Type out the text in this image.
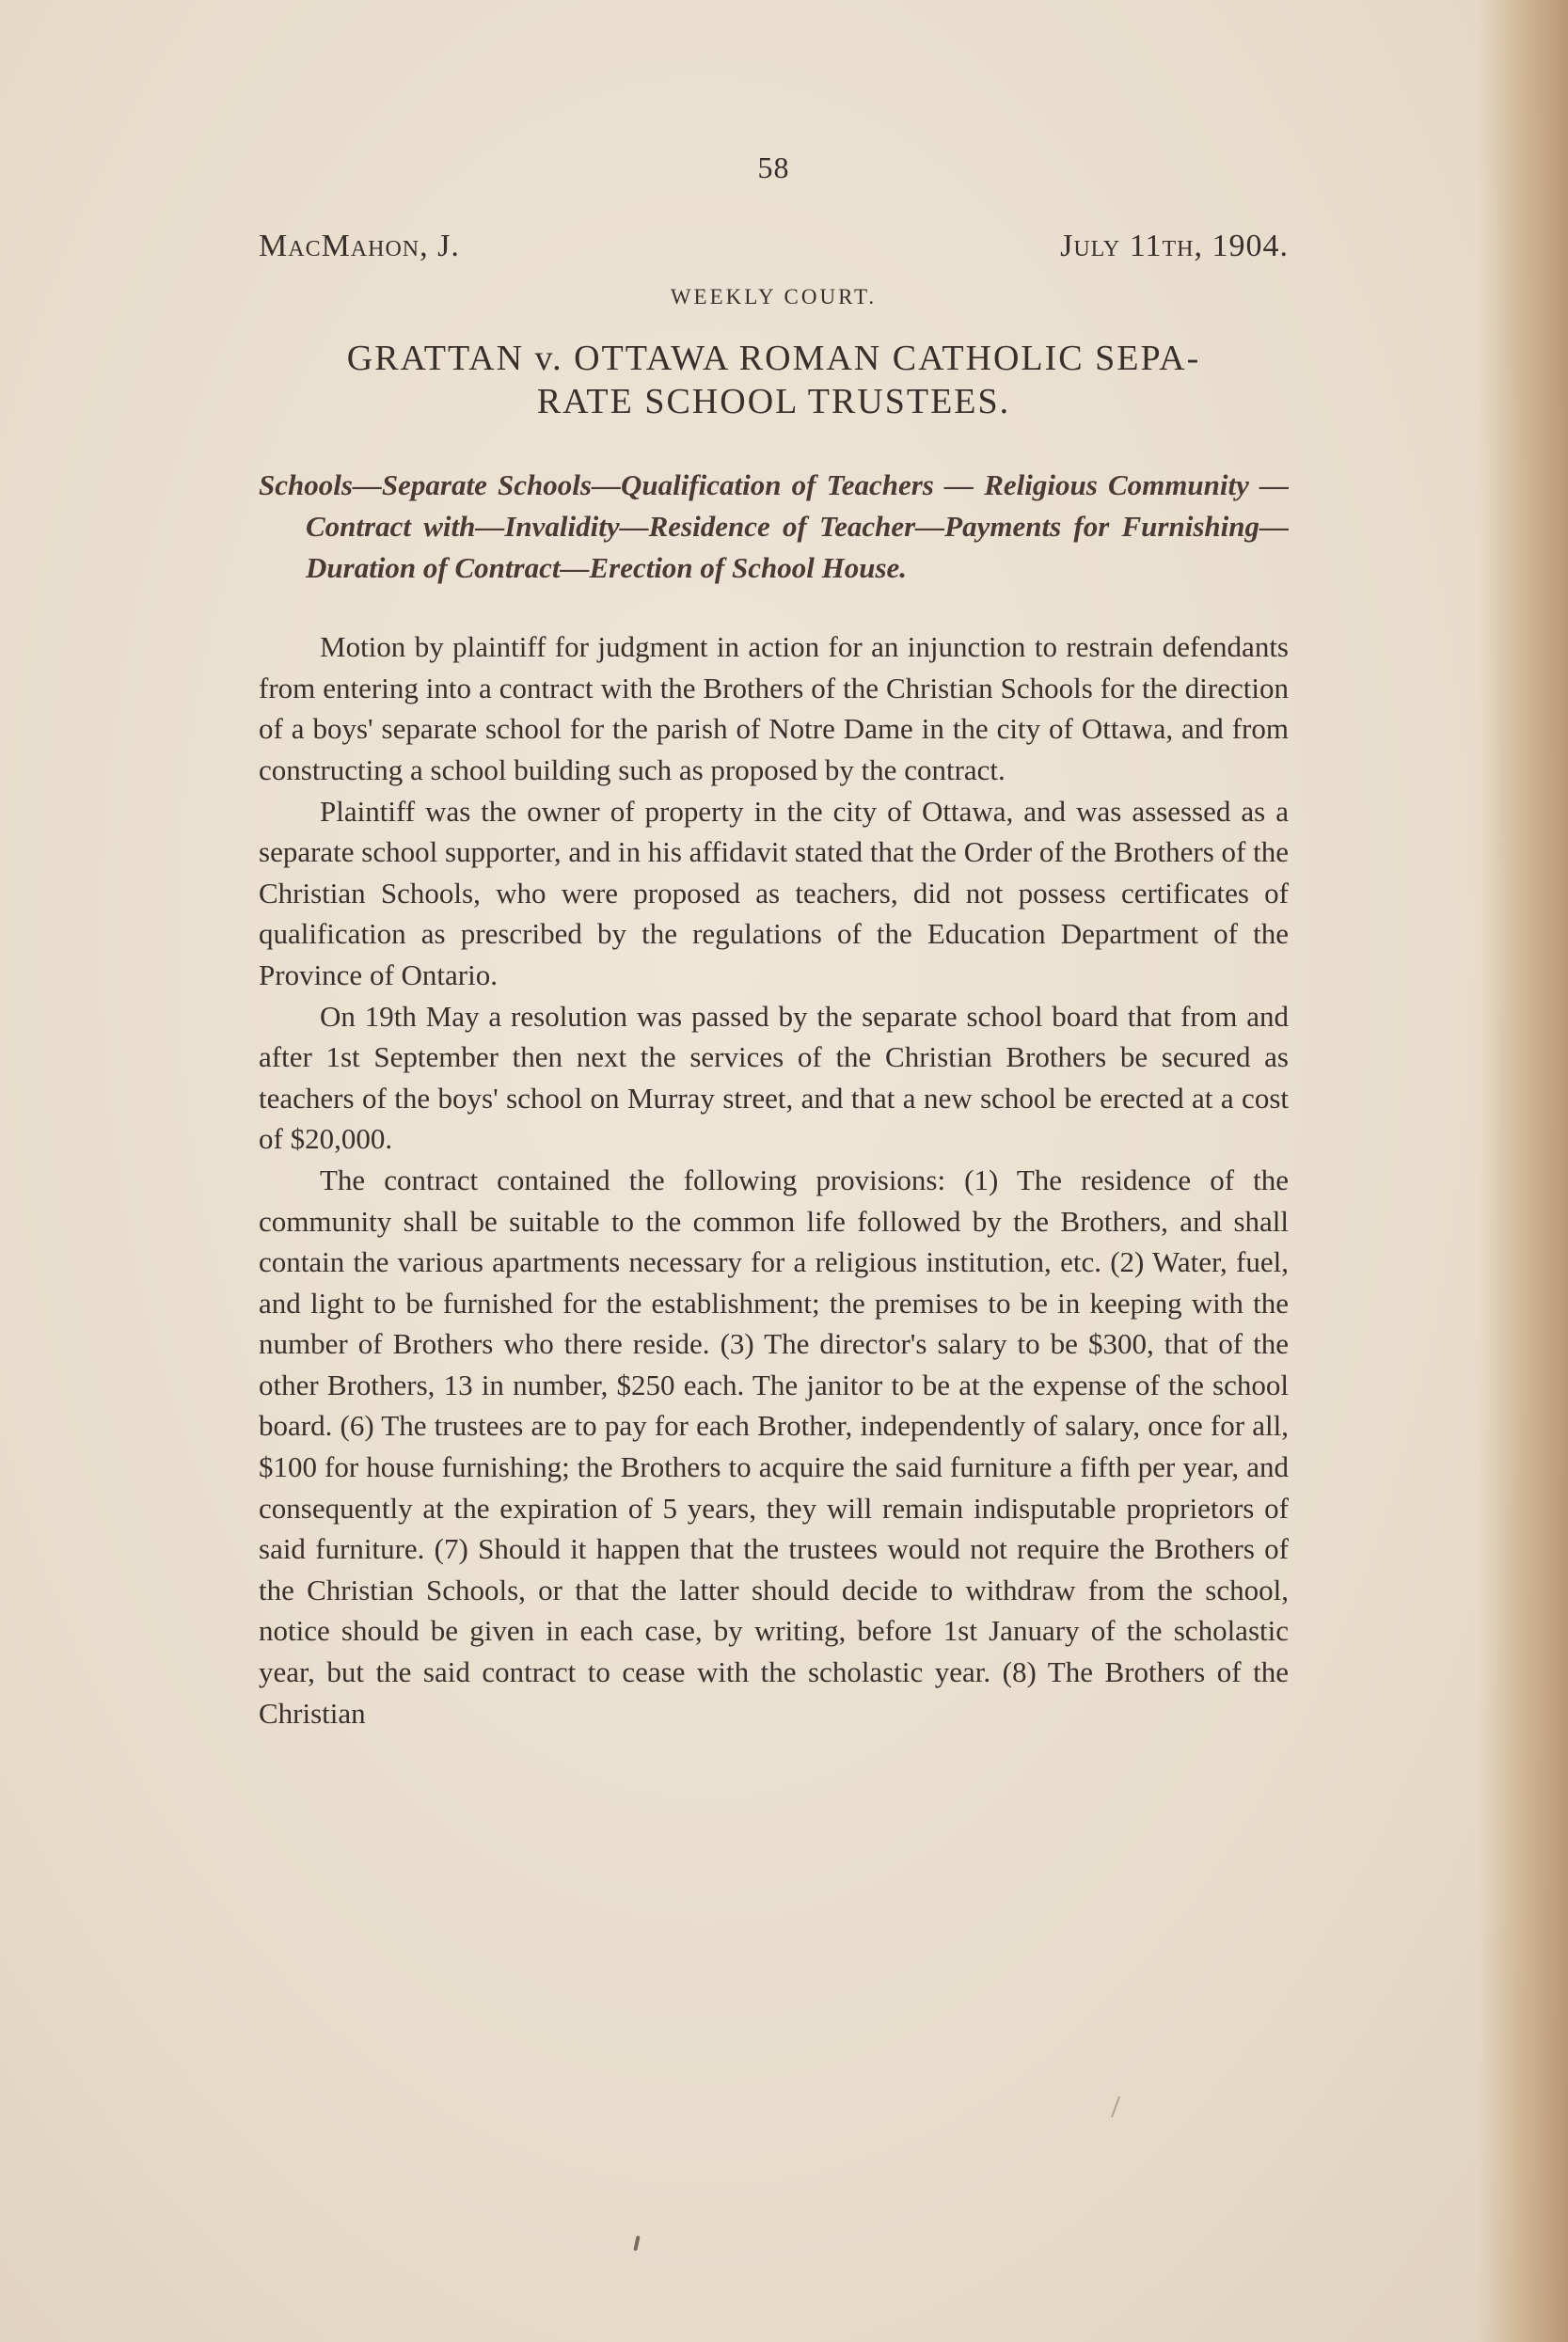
58
MacMahon, J.	July 11th, 1904.
WEEKLY COURT.
GRATTAN v. OTTAWA ROMAN CATHOLIC SEPA-
RATE SCHOOL TRUSTEES.
Schools—Separate Schools—Qualification of Teachers — Religious Community — Contract with—Invalidity—Residence of Teacher—Payments for Furnishing—Duration of Contract—Erection of School House.

Motion by plaintiff for judgment in action for an injunction to restrain defendants from entering into a contract with the Brothers of the Christian Schools for the direction of a boys' separate school for the parish of Notre Dame in the city of Ottawa, and from constructing a school building such as proposed by the contract.

Plaintiff was the owner of property in the city of Ottawa, and was assessed as a separate school supporter, and in his affidavit stated that the Order of the Brothers of the Christian Schools, who were proposed as teachers, did not possess certificates of qualification as prescribed by the regulations of the Education Department of the Province of Ontario.

On 19th May a resolution was passed by the separate school board that from and after 1st September then next the services of the Christian Brothers be secured as teachers of the boys' school on Murray street, and that a new school be erected at a cost of $20,000.

The contract contained the following provisions: (1) The residence of the community shall be suitable to the common life followed by the Brothers, and shall contain the various apartments necessary for a religious institution, etc. (2) Water, fuel, and light to be furnished for the establishment; the premises to be in keeping with the number of Brothers who there reside. (3) The director's salary to be $300, that of the other Brothers, 13 in number, $250 each. The janitor to be at the expense of the school board. (6) The trustees are to pay for each Brother, independently of salary, once for all, $100 for house furnishing; the Brothers to acquire the said furniture a fifth per year, and consequently at the expiration of 5 years, they will remain indisputable proprietors of said furniture. (7) Should it happen that the trustees would not require the Brothers of the Christian Schools, or that the latter should decide to withdraw from the school, notice should be given in each case, by writing, before 1st January of the scholastic year, but the said contract to cease with the scholastic year. (8) The Brothers of the Christian
